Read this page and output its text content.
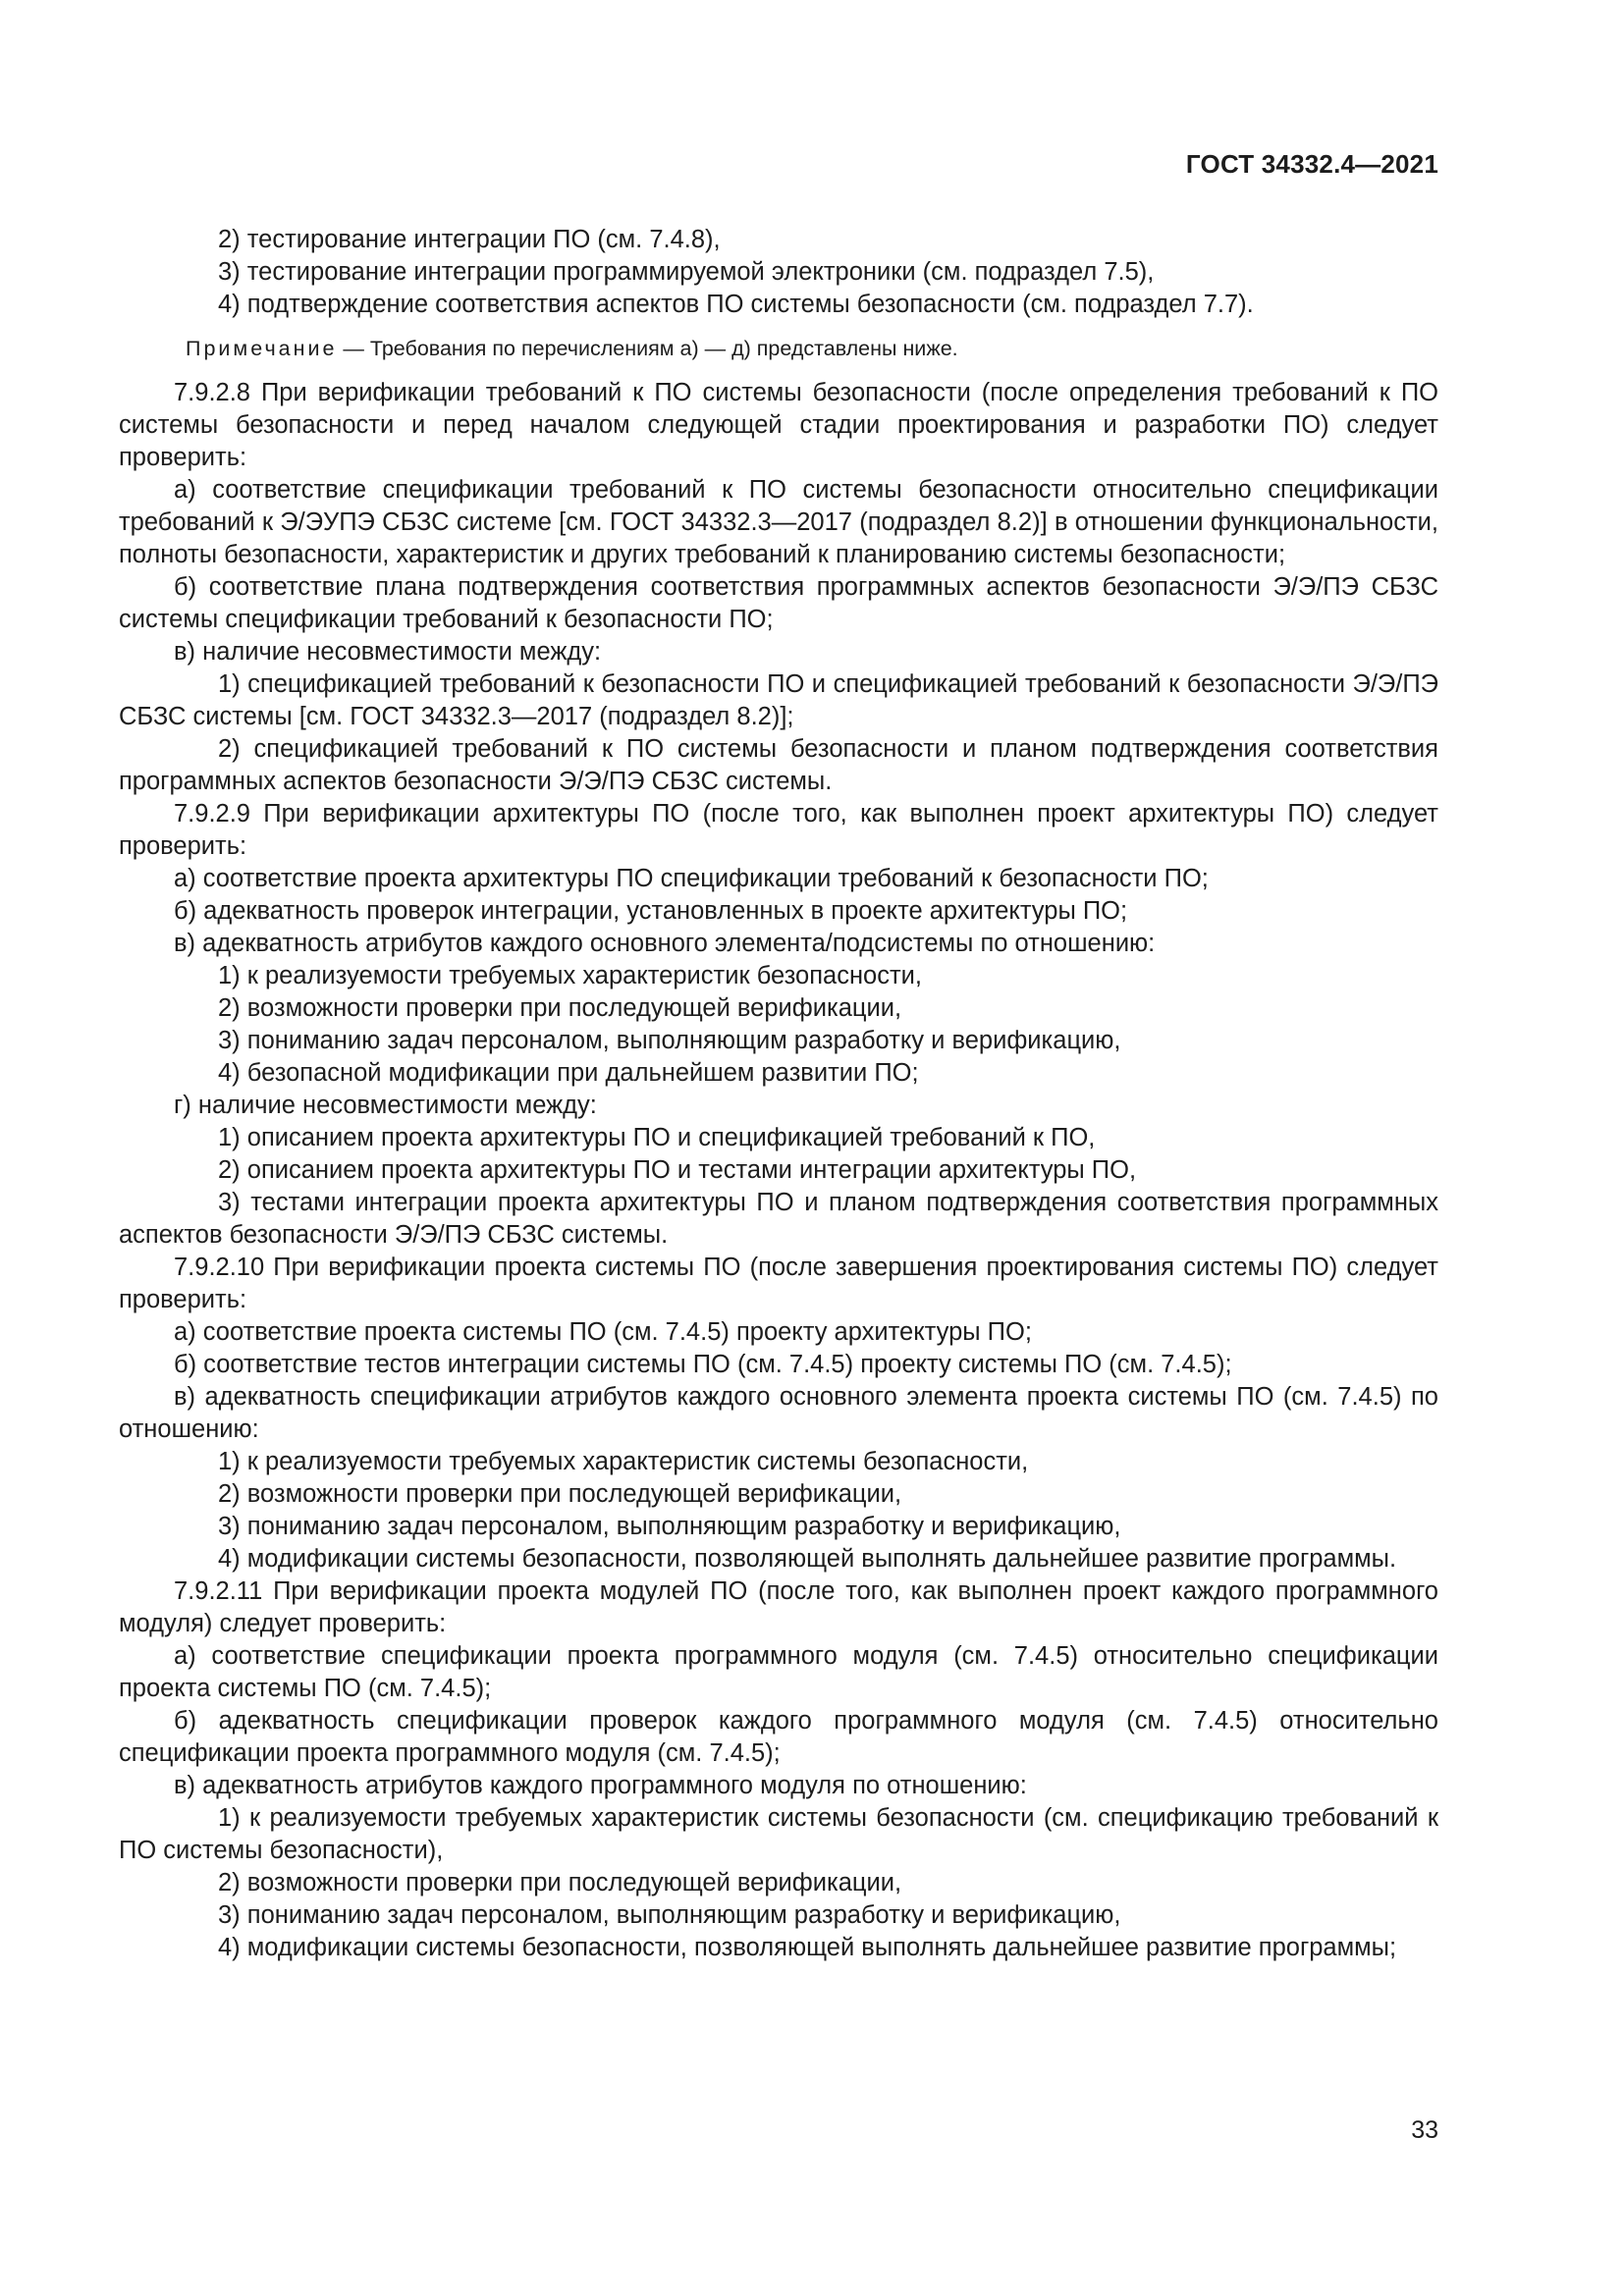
ГОСТ 34332.4—2021

2) тестирование интеграции ПО (см. 7.4.8),

3) тестирование интеграции программируемой электроники (см. подраздел 7.5),

4) подтверждение соответствия аспектов ПО системы безопасности (см. подраздел 7.7).

Примечание — Требования по перечислениям а) — д) представлены ниже.

7.9.2.8 При верификации требований к ПО системы безопасности (после определения требований к ПО системы безопасности и перед началом следующей стадии проектирования и разработки ПО) следует проверить:

а) соответствие спецификации требований к ПО системы безопасности относительно спецификации требований к Э/ЭУПЭ СБЗС системе [см. ГОСТ 34332.3—2017 (подраздел 8.2)] в отношении функциональности, полноты безопасности, характеристик и других требований к планированию системы безопасности;

б) соответствие плана подтверждения соответствия программных аспектов безопасности Э/Э/ПЭ СБЗС системы спецификации требований к безопасности ПО;

в) наличие несовместимости между:

1) спецификацией требований к безопасности ПО и спецификацией требований к безопасности Э/Э/ПЭ СБЗС системы [см. ГОСТ 34332.3—2017 (подраздел 8.2)];

2) спецификацией требований к ПО системы безопасности и планом подтверждения соответствия программных аспектов безопасности Э/Э/ПЭ СБЗС системы.

7.9.2.9 При верификации архитектуры ПО (после того, как выполнен проект архитектуры ПО) следует проверить:

а) соответствие проекта архитектуры ПО спецификации требований к безопасности ПО;

б) адекватность проверок интеграции, установленных в проекте архитектуры ПО;

в) адекватность атрибутов каждого основного элемента/подсистемы по отношению:

1) к реализуемости требуемых характеристик безопасности,

2) возможности проверки при последующей верификации,

3) пониманию задач персоналом, выполняющим разработку и верификацию,

4) безопасной модификации при дальнейшем развитии ПО;

г) наличие несовместимости между:

1) описанием проекта архитектуры ПО и спецификацией требований к ПО,

2) описанием проекта архитектуры ПО и тестами интеграции архитектуры ПО,

3) тестами интеграции проекта архитектуры ПО и планом подтверждения соответствия программных аспектов безопасности Э/Э/ПЭ СБЗС системы.

7.9.2.10 При верификации проекта системы ПО (после завершения проектирования системы ПО) следует проверить:

а) соответствие проекта системы ПО (см. 7.4.5) проекту архитектуры ПО;

б) соответствие тестов интеграции системы ПО (см. 7.4.5) проекту системы ПО (см. 7.4.5);

в) адекватность спецификации атрибутов каждого основного элемента проекта системы ПО (см. 7.4.5) по отношению:

1) к реализуемости требуемых характеристик системы безопасности,

2) возможности проверки при последующей верификации,

3) пониманию задач персоналом, выполняющим разработку и верификацию,

4) модификации системы безопасности, позволяющей выполнять дальнейшее развитие программы.

7.9.2.11 При верификации проекта модулей ПО (после того, как выполнен проект каждого программного модуля) следует проверить:

а) соответствие спецификации проекта программного модуля (см. 7.4.5) относительно спецификации проекта системы ПО (см. 7.4.5);

б) адекватность спецификации проверок каждого программного модуля (см. 7.4.5) относительно спецификации проекта программного модуля (см. 7.4.5);

в) адекватность атрибутов каждого программного модуля по отношению:

1) к реализуемости требуемых характеристик системы безопасности (см. спецификацию требований к ПО системы безопасности),

2) возможности проверки при последующей верификации,

3) пониманию задач персоналом, выполняющим разработку и верификацию,

4) модификации системы безопасности, позволяющей выполнять дальнейшее развитие программы;

33
